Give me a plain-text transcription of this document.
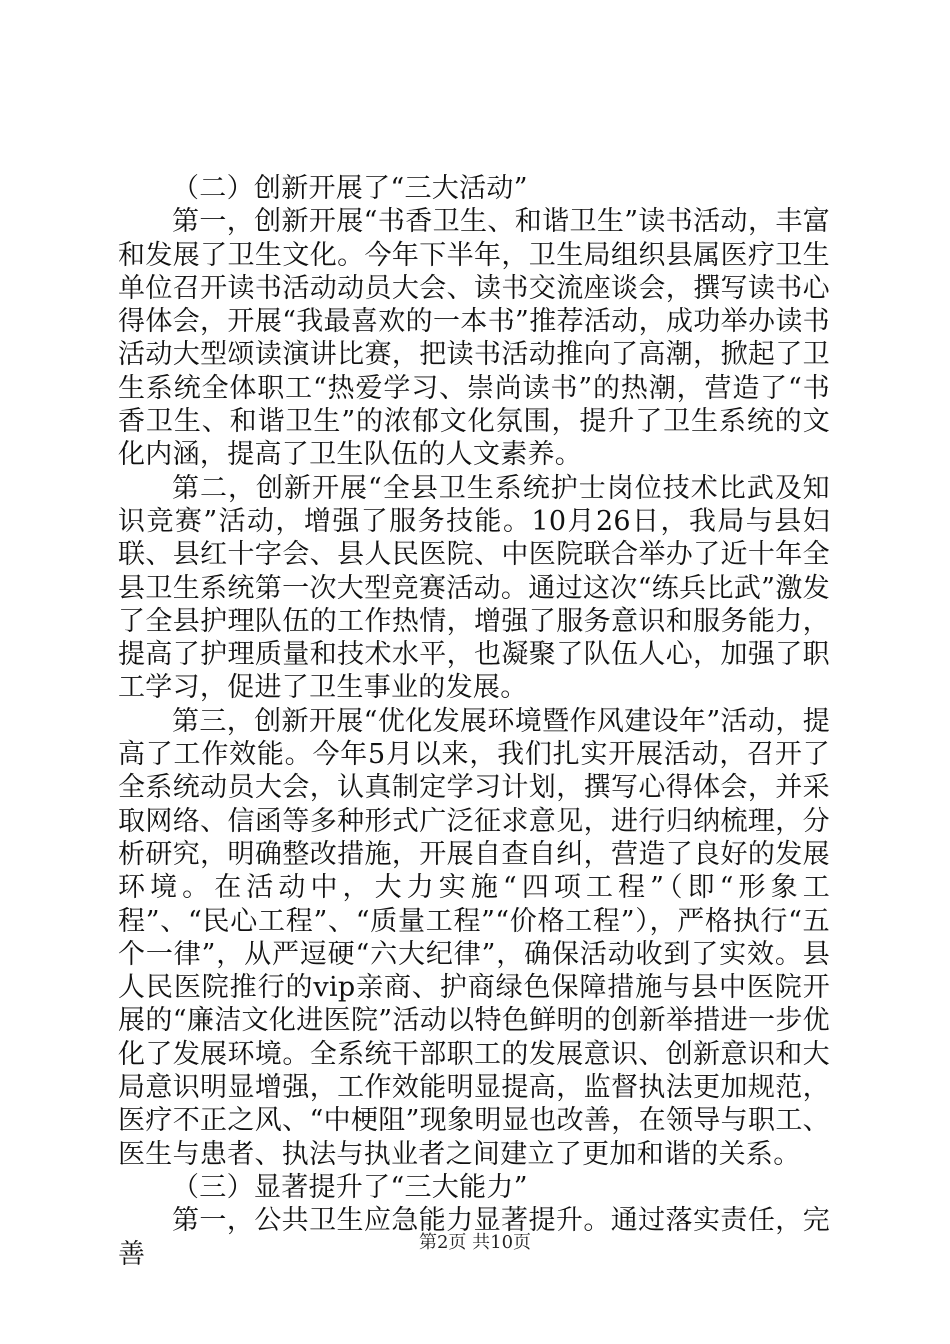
（二）创新开展了“三大活动”

第一，创新开展“书香卫生、和谐卫生”读书活动，丰富和发展了卫生文化。今年下半年，卫生局组织县属医疗卫生单位召开读书活动动员大会、读书交流座谈会，撰写读书心得体会，开展“我最喜欢的一本书”推荐活动，成功举办读书活动大型颂读演讲比赛，把读书活动推向了高潮，掀起了卫生系统全体职工“热爱学习、崇尚读书”的热潮，营造了“书香卫生、和谐卫生”的浓郁文化氛围，提升了卫生系统的文化内涵，提高了卫生队伍的人文素养。

第二，创新开展“全县卫生系统护士岗位技术比武及知识竞赛”活动，增强了服务技能。10月26日，我局与县妇联、县红十字会、县人民医院、中医院联合举办了近十年全县卫生系统第一次大型竞赛活动。通过这次“练兵比武”激发了全县护理队伍的工作热情，增强了服务意识和服务能力，提高了护理质量和技术水平，也凝聚了队伍人心，加强了职工学习，促进了卫生事业的发展。

第三，创新开展“优化发展环境暨作风建设年”活动，提高了工作效能。今年5月以来，我们扎实开展活动，召开了全系统动员大会，认真制定学习计划，撰写心得体会，并采取网络、信函等多种形式广泛征求意见，进行归纳梳理，分析研究，明确整改措施，开展自查自纠，营造了良好的发展环境。在活动中，大力实施“四项工程”（即“形象工程”、“民心工程”、“质量工程”“价格工程”），严格执行“五个一律”，从严逗硬“六大纪律”，确保活动收到了实效。县人民医院推行的vip亲商、护商绿色保障措施与县中医院开展的“廉洁文化进医院”活动以特色鲜明的创新举措进一步优化了发展环境。全系统干部职工的发展意识、创新意识和大局意识明显增强，工作效能明显提高，监督执法更加规范，医疗不正之风、“中梗阻”现象明显也改善，在领导与职工、医生与患者、执法与执业者之间建立了更加和谐的关系。

（三）显著提升了“三大能力”

第一，公共卫生应急能力显著提升。通过落实责任，完善	第2页 共10页
